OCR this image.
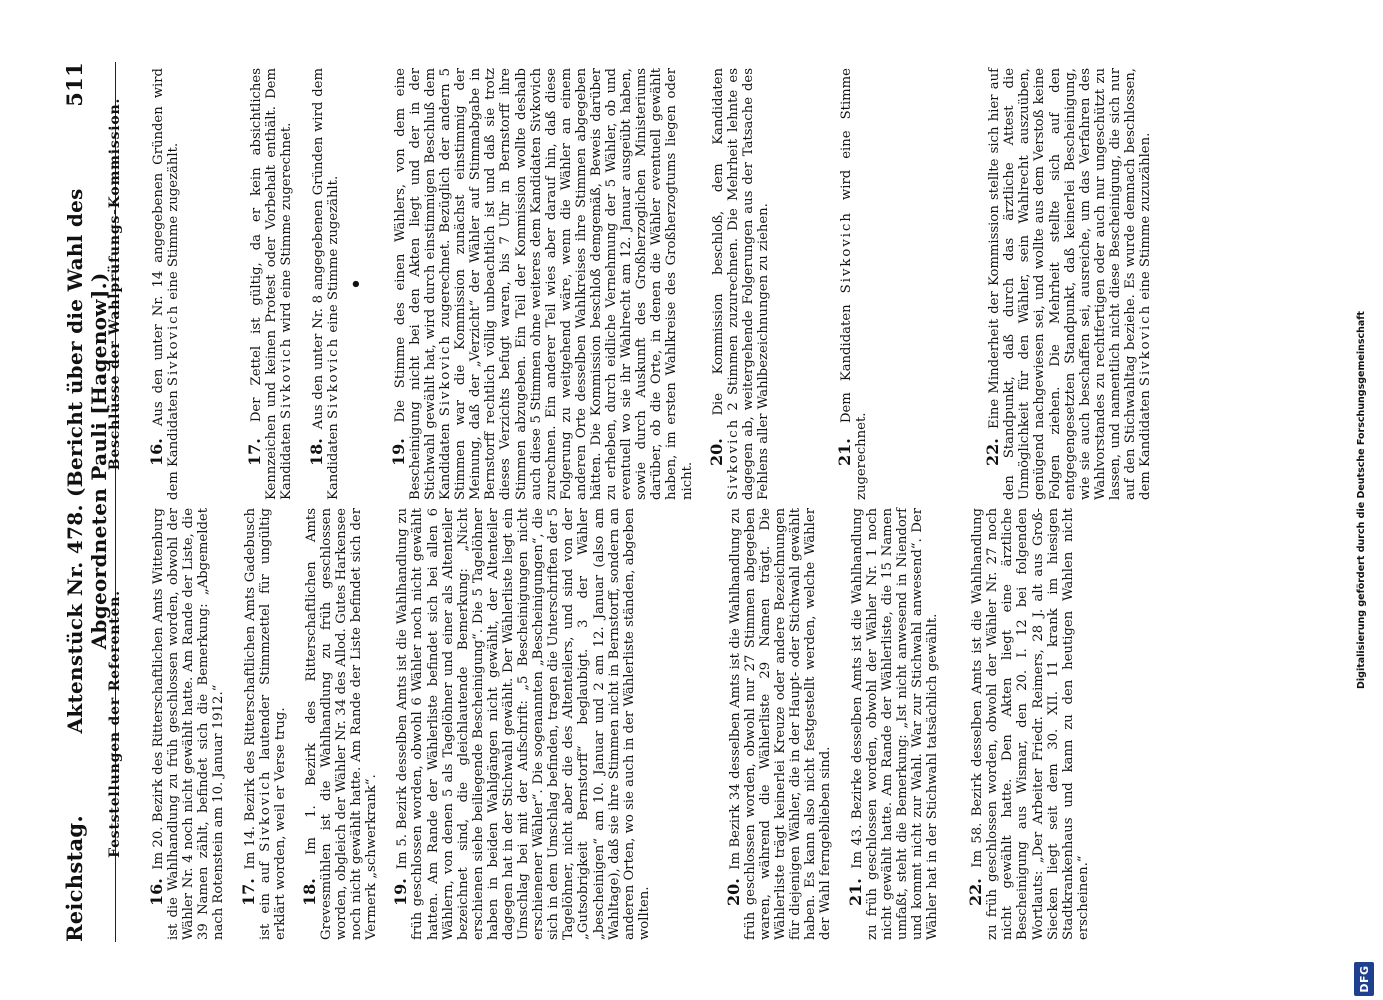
Reichstag.
Aktenstück Nr. 478. (Bericht über die Wahl des Abgeordneten Pauli [Hagenow].)
511
Feststellungen der Referenten.

16. Im 20. Bezirk des Ritterschaftlichen Amts Wittenburg ist die Wahlhandlung zu früh geschlossen worden, obwohl der Wähler Nr. 4 noch nicht gewählt hatte. Am Rande der Liste, die 39 Namen zählt, befindet sich die Bemerkung: „Abgemeldet nach Rotenstein am 10. Januar 1912.“ 17. Im 14. Bezirk des Ritterschaftlichen Amts Gadebusch ist ein auf Sivkovich lautender Stimmzettel für ungültig erklärt worden, weil er Verse trug. 18. Im 1. Bezirk des Ritterschaftlichen Amts Grevesmühlen ist die Wahlhandlung zu früh geschlossen worden, obgleich der Wähler Nr. 34 des Allod. Gutes Harkensee noch nicht gewählt hatte. Am Rande der Liste befindet sich der Vermerk „schwerkrank“. 19. Im 5. Bezirk desselben Amts ist die Wahlhandlung zu früh geschlossen worden, obwohl 6 Wähler noch nicht gewählt hatten. Am Rande der Wählerliste befindet sich bei allen 6 Wählern, von denen 5 als Tagelöhner und einer als Altenteiler bezeichnet sind, die gleichlautende Bemerkung: „Nicht erschienen siehe beiliegende Bescheinigung“. Die 5 Tagelöhner haben in beiden Wahlgängen nicht gewählt, der Altenteiler dagegen hat in der Stichwahl gewählt. Der Wählerliste liegt ein Umschlag bei mit der Aufschrift: „5 Bescheinigungen nicht erschienener Wähler“. Die sogenannten „Bescheinigungen“, die sich in dem Umschlag befinden, tragen die Unterschriften der 5 Tagelöhner, nicht aber die des Altenteilers, und sind von der „Gutsobrigkeit Bernstorff“ beglaubigt. 3 der Wähler „bescheinigen“ am 10. Januar und 2 am 12. Januar (also am Wahltage), daß sie ihre Stimmen nicht in Bernstorff, sondern an anderen Orten, wo sie auch in der Wählerliste ständen, abgeben wollten.	20. Im Bezirk 34 desselben Amts ist die Wahlhandlung zu früh geschlossen worden, obwohl nur 27 Stimmen abgegeben waren, während die Wählerliste 29 Namen trägt. Die Wählerliste trägt keinerlei Kreuze oder andere Bezeichnungen für diejenigen Wähler, die in der Haupt- oder Stichwahl gewählt haben. Es kann also nicht festgestellt werden, welche Wähler der Wahl ferngeblieben sind. 21. Im 43. Bezirke desselben Amts ist die Wahlhandlung zu früh geschlossen worden, obwohl der Wähler Nr. 1 noch nicht gewählt hatte. Am Rande der Wählerliste, die 15 Namen umfaßt, steht die Bemerkung: „Ist nicht anwesend in Niendorf und kommt nicht zur Wahl. War zur Stichwahl anwesend“. Der Wähler hat in der Stichwahl tatsächlich gewählt. 22. Im 58. Bezirk desselben Amts ist die Wahlhandlung zu früh geschlossen worden, obwohl der Wähler Nr. 27 noch nicht gewählt hatte. Den Akten liegt eine ärztliche Bescheinigung aus Wismar, den 20. I. 12 bei folgenden Wortlauts: „Der Arbeiter Friedr. Reimers, 28 J. alt aus Groß-Siecken liegt seit dem 30. XII. 11 krank im hiesigen Stadtkrankenhaus und kann zu den heutigen Wahlen nicht erscheinen.“

Beschlüsse der Wahlprüfungs-Kommission. 16. Aus den unter Nr. 14 angegebenen Gründen wird dem Kandidaten Sivkovich eine Stimme zugezählt.

17. Der Zettel ist gültig, da er kein absichtliches Kennzeichen und keinen Protest oder Vorbehalt enthält. Dem Kandidaten Sivkovich wird eine Stimme zugerechnet.

18. Aus den unter Nr. 8 angegebenen Gründen wird dem Kandidaten Sivkovich eine Stimme zugezählt. •

19. Die Stimme des einen Wählers, von dem eine Bescheinigung nicht bei den Akten liegt und der in der Stichwahl gewählt hat, wird durch einstimmigen Beschluß dem Kandidaten Sivkovich zugerechnet. Bezüglich der andern 5 Stimmen war die Kommission zunächst einstimmig der Meinung, daß der „Verzicht“ der Wähler auf Stimmabgabe in Bernstorff rechtlich völlig unbeachtlich ist und daß sie trotz dieses Verzichts befugt waren, bis 7 Uhr in Bernstorff ihre Stimmen abzugeben. Ein Teil der Kommission wollte deshalb auch diese 5 Stimmen ohne weiteres dem Kandidaten Sivkovich zurechnen. Ein anderer Teil wies aber darauf hin, daß diese Folgerung zu weitgehend wäre, wenn die Wähler an einem anderen Orte desselben Wahlkreises ihre Stimmen abgegeben hätten. Die Kommission beschloß demgemäß, Beweis darüber zu erheben, durch eidliche Vernehmung der 5 Wähler, ob und eventuell wo sie ihr Wahlrecht am 12. Januar ausgeübt haben, sowie durch Auskunft des Großherzoglichen Ministeriums darüber, ob die Orte, in denen die Wähler eventuell gewählt haben, im ersten Wahlkreise des Großherzogtums liegen oder nicht.

20. Die Kommission beschloß, dem Kandidaten Sivkovich 2 Stimmen zuzurechnen. Die Mehrheit lehnte es dagegen ab, weitergehende Folgerungen aus der Tatsache des Fehlens aller Wahlbezeichnungen zu ziehen.	21. Dem Kandidaten Sivkovich wird eine Stimme zugerechnet.	22. Eine Minderheit der Kommission stellte sich hier auf den Standpunkt, daß durch das ärztliche Attest die Unmöglichkeit für den Wähler, sein Wahlrecht auszuüben, genügend nachgewiesen sei, und wollte aus dem Verstoß keine Folgen ziehen. Die Mehrheit stellte sich auf den entgegengesetzten Standpunkt, daß keinerlei Bescheinigung, wie sie auch beschaffen sei, ausreiche, um das Verfahren des Wahlvorstandes zu rechtfertigen oder auch nur ungeschützt zu lassen, und namentlich nicht diese Bescheinigung, die sich nur auf den Stichwahltag beziehe. Es wurde demnach beschlossen, dem Kandidaten Sivkovich eine Stimme zuzuzählen.

Digitalisierung gefördert durch die Deutsche Forschungsgemeinschaft
DFG
